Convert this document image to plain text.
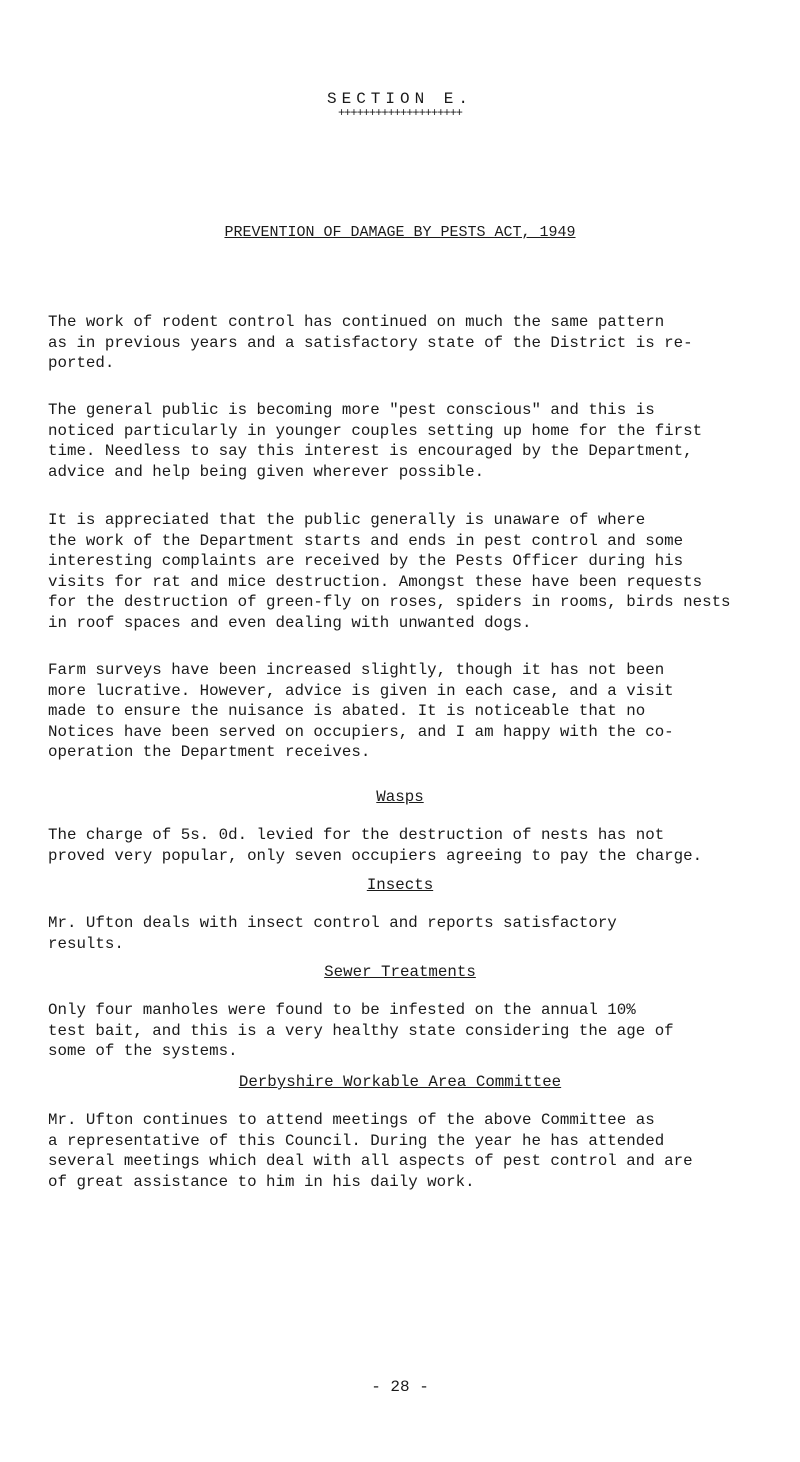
SECTION E.
++++++++++++++++++++
PREVENTION OF DAMAGE BY PESTS ACT, 1949

The work of rodent control has continued on much the same pattern
as in previous years and a satisfactory state of the District is re-
ported.

The general public is becoming more "pest conscious" and this is
noticed particularly in younger couples setting up home for the first
time. Needless to say this interest is encouraged by the Department,
advice and help being given wherever possible.

It is appreciated that the public generally is unaware of where
the work of the Department starts and ends in pest control and some
interesting complaints are received by the Pests Officer during his
visits for rat and mice destruction. Amongst these have been requests
for the destruction of green-fly on roses, spiders in rooms, birds nests
in roof spaces and even dealing with unwanted dogs.

Farm surveys have been increased slightly, though it has not been
more lucrative. However, advice is given in each case, and a visit
made to ensure the nuisance is abated. It is noticeable that no
Notices have been served on occupiers, and I am happy with the co-
operation the Department receives.

Wasps

The charge of 5s. 0d. levied for the destruction of nests has not
proved very popular, only seven occupiers agreeing to pay the charge.

Insects

Mr. Ufton deals with insect control and reports satisfactory
results.

Sewer Treatments

Only four manholes were found to be infested on the annual 10%
test bait, and this is a very healthy state considering the age of
some of the systems.

Derbyshire Workable Area Committee

Mr. Ufton continues to attend meetings of the above Committee as
a representative of this Council. During the year he has attended
several meetings which deal with all aspects of pest control and are
of great assistance to him in his daily work.

- 28 -
